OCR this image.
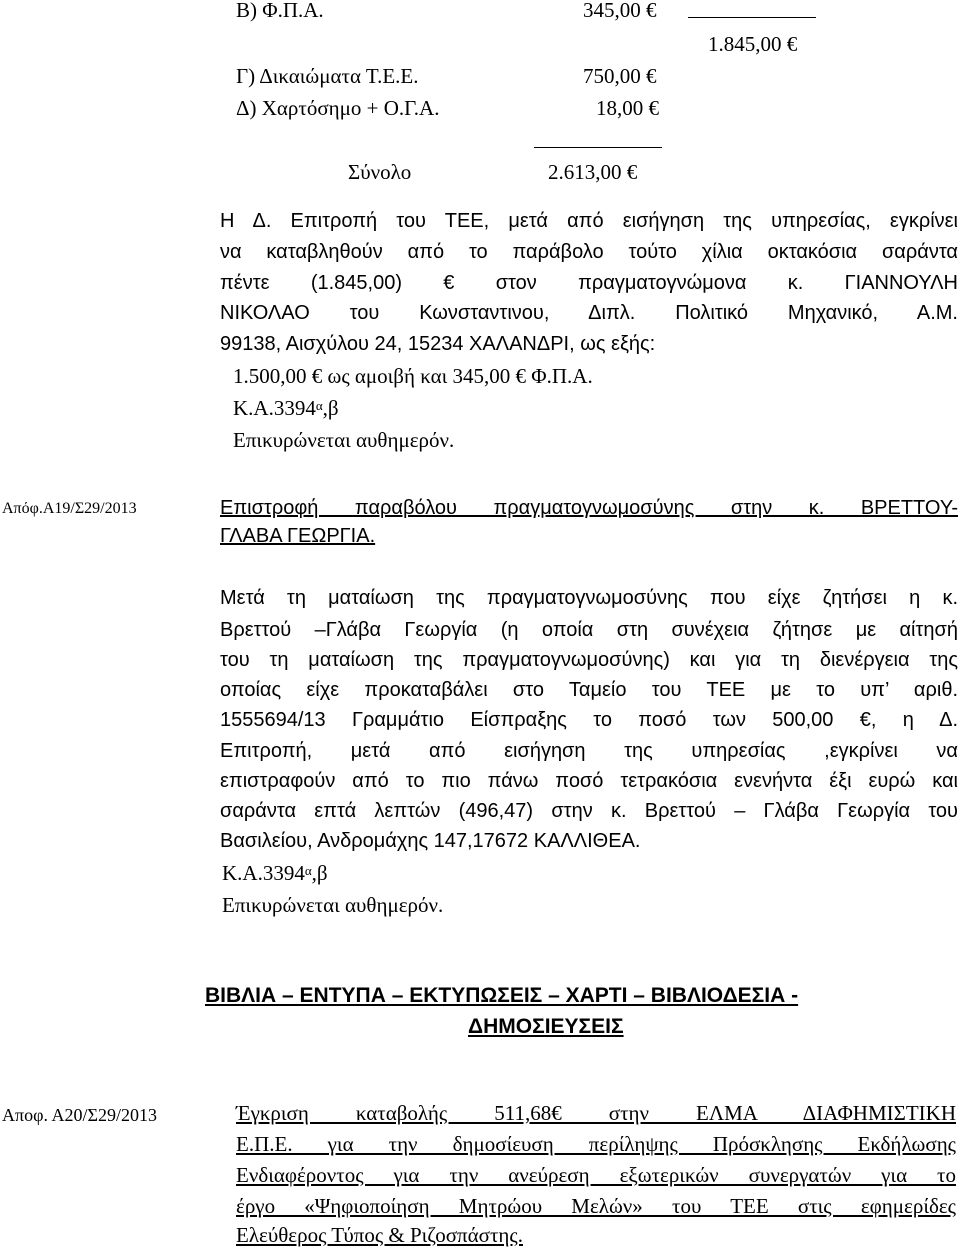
Β) Φ.Π.Α.	345,00 €
1.845,00 €
Γ) Δικαιώματα Τ.Ε.Ε.	750,00 €
Δ) Χαρτόσημο + Ο.Γ.Α.	18,00 €
Σύνολο	2.613,00 €
Η Δ. Επιτροπή του ΤΕΕ, μετά από εισήγηση της υπηρεσίας, εγκρίνει
να καταβληθούν από το παράβολο τούτο χίλια οκτακόσια σαράντα
πέντε (1.845,00) € στον πραγματογνώμονα κ. ΓΙΑΝΝΟΥΛΗ
ΝΙΚΟΛΑΟ του Κωνσταντινου, Διπλ. Πολιτικό Μηχανικό, Α.Μ.
99138, Αισχύλου 24, 15234 ΧΑΛΑΝΔΡΙ, ως εξής:
1.500,00 € ως αμοιβή και 345,00 € Φ.Π.Α.
$K.A.3394^\alpha,\beta$
Επικυρώνεται αυθημερόν.
Απόφ.Α19/Σ29/2013	Επιστροφή παραβόλου πραγματογνωμοσύνης στην κ. ΒΡΕΤΤΟΥ-
ΓΛΑΒΑ ΓΕΩΡΓΙΑ.
Μετά τη ματαίωση της πραγματογνωμοσύνης που είχε ζητήσει η κ.
Βρεττού –Γλάβα Γεωργία (η οποία στη συνέχεια ζήτησε με αίτησή
του τη ματαίωση της πραγματογνωμοσύνης) και για τη διενέργεια της
οποίας είχε προκαταβάλει στο Ταμείο του ΤΕΕ με το υπ’ αριθ.
1555694/13 Γραμμάτιο Είσπραξης το ποσό των 500,00 €, η Δ.
Επιτροπή, μετά από εισήγηση της υπηρεσίας ,εγκρίνει να
επιστραφούν από το πιο πάνω ποσό τετρακόσια ενενήντα έξι ευρώ και
σαράντα επτά λεπτών (496,47) στην κ. Βρεττού – Γλάβα Γεωργία του
Βασιλείου, Ανδρομάχης 147,17672 ΚΑΛΛΙΘΕΑ.
$K.A.3394^\alpha,\beta$
Επικυρώνεται αυθημερόν.
ΒΙΒΛΙΑ – ΕΝΤΥΠΑ – ΕΚΤΥΠΩΣΕΙΣ – ΧΑΡΤΙ – ΒΙΒΛΙΟΔΕΣΙΑ -
ΔΗΜΟΣΙΕΥΣΕΙΣ
Αποφ. Α20/Σ29/2013	Έγκριση καταβολής 511,68€ στην ΕΛΜΑ ΔΙΑΦΗΜΙΣΤΙΚΗ
Ε.Π.Ε. για την δημοσίευση περίληψης Πρόσκλησης Εκδήλωσης
Ενδιαφέροντος για την ανεύρεση εξωτερικών συνεργατών για το
έργο «Ψηφιοποίηση Μητρώου Μελών» του ΤΕΕ στις εφημερίδες
Ελεύθερος Τύπος & Ριζοσπάστης.
